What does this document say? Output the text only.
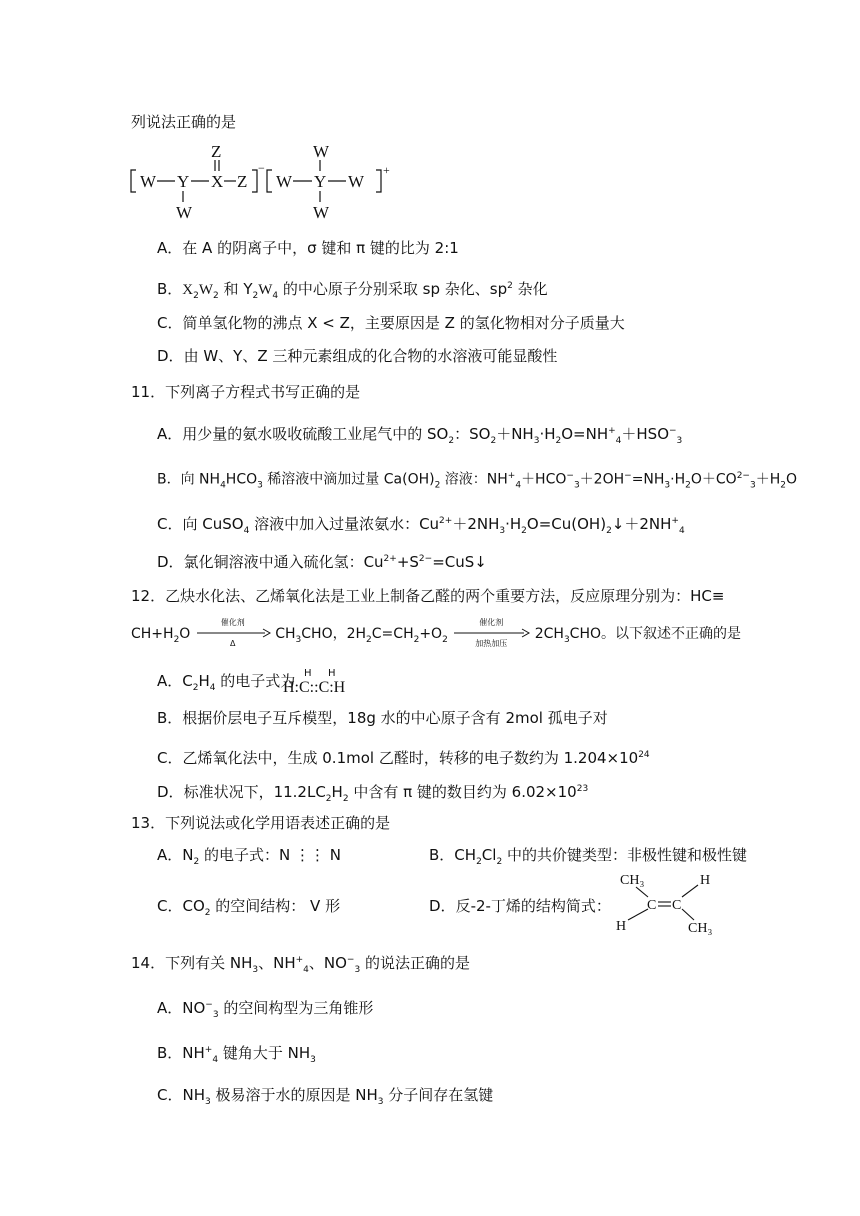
列说法正确的是
W Y
W
X
Z
Z
−
W Y
W
W
W
+
A．在 A 的阴离子中，σ 键和 π 键的比为 2:1
B．$X_2W_2$ 和 $Y_2W_4$ 的中心原子分别采取 sp 杂化、$sp^2$ 杂化
C．简单氢化物的沸点 X < Z，主要原因是 Z 的氢化物相对分子质量大
D．由 W、Y、Z 三种元素组成的化合物的水溶液可能显酸性
11．下列离子方程式书写正确的是
A．用少量的氨水吸收硫酸工业尾气中的 $SO_2$：$SO_2+NH_3\cdot H_2O=NH^+_4+HSO^-_3$
B．向 $NH_4HCO_3$ 稀溶液中滴加过量 $Ca(OH)_2$ 溶液：$NH^+_4+HCO^-_3+2OH^-=NH_3\cdot H_2O+CO^{2-}_3+H_2O$
C．向 CuSO$_4$ 溶液中加入过量浓氨水：$Cu^{2+}+2NH_3\cdot H_2O=Cu(OH)_2↓+2NH^+_4$
D．氯化铜溶液中通入硫化氢：$Cu^{2+}+S^{2-}=CuS↓$
12．乙炔水化法、乙烯氧化法是工业上制备乙醛的两个重要方法，反应原理分别为：HC≡
$CH+H_2O$
催化剂
Δ
$CH_3CHO$，$2H_2C=CH_2+O_2$
催化剂
加热加压
$2CH_3CHO$。以下叙述不正确的是
A．$C_2H_4$ 的电子式为 H H
H:C::C:H
B．根据价层电子互斥模型，18g 水的中心原子含有 2mol 孤电子对
C．乙烯氧化法中，生成 0.1mol 乙醛时，转移的电子数约为 $1.204\times 10^{24}$
D．标准状况下，$11.2LC_2H_2$ 中含有 π 键的数目约为 $6.02\times 10^{23}$
13．下列说法或化学用语表述正确的是
A．$N_2$ 的电子式：N ⋮⋮ N	B．$CH_2Cl_2$ 中的共价键类型：非极性键和极性键
C．$CO_2$ 的空间结构： V 形	D．反-2-丁烯的结构简式：
CH₃	H
C C
H	CH₃
14．下列有关 $NH_3$、$NH^+_4$、$NO^-_3$ 的说法正确的是
A．$NO^-_3$ 的空间构型为三角锥形
B．$NH^+_4$ 键角大于 $NH_3$
C．$NH_3$ 极易溶于水的原因是 $NH_3$ 分子间存在氢键
